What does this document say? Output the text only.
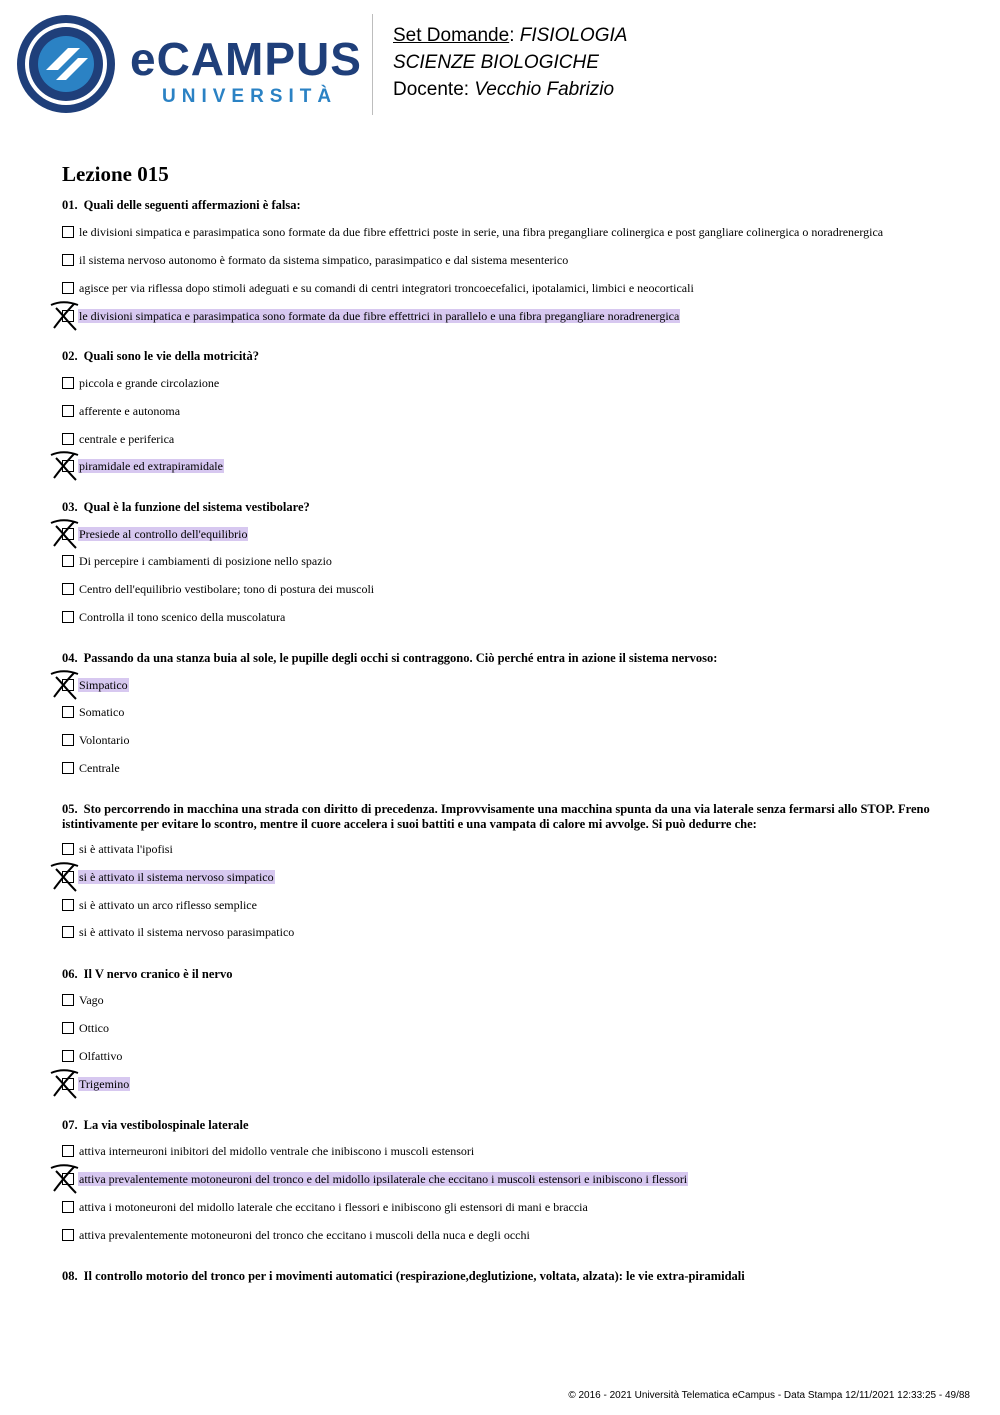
eCAMPUS
UNIVERSITÀ
Set Domande: FISIOLOGIA
SCIENZE BIOLOGICHE
Docente: Vecchio Fabrizio
Lezione 015
01. Quali delle seguenti affermazioni è falsa:
le divisioni simpatica e parasimpatica sono formate da due fibre effettrici poste in serie, una fibra pregangliare colinergica e post gangliare colinergica o noradrenergica
il sistema nervoso autonomo è formato da sistema simpatico, parasimpatico e dal sistema mesenterico
agisce per via riflessa dopo stimoli adeguati e su comandi di centri integratori troncoecefalici, ipotalamici, limbici e neocorticali
le divisioni simpatica e parasimpatica sono formate da due fibre effettrici in parallelo e una fibra pregangliare noradrenergica
02. Quali sono le vie della motricità?
piccola e grande circolazione
afferente e autonoma
centrale e periferica
piramidale ed extrapiramidale
03. Qual è la funzione del sistema vestibolare?
Presiede al controllo dell'equilibrio
Di percepire i cambiamenti di posizione nello spazio
Centro dell'equilibrio vestibolare; tono di postura dei muscoli
Controlla il tono scenico della muscolatura
04. Passando da una stanza buia al sole, le pupille degli occhi si contraggono. Ciò perché entra in azione il sistema nervoso:
Simpatico
Somatico
Volontario
Centrale
05. Sto percorrendo in macchina una strada con diritto di precedenza. Improvvisamente una macchina spunta da una via laterale senza fermarsi allo STOP. Freno istintivamente per evitare lo scontro, mentre il cuore accelera i suoi battiti e una vampata di calore mi avvolge. Si può dedurre che:
si è attivata l'ipofisi
si è attivato il sistema nervoso simpatico
si è attivato un arco riflesso semplice
si è attivato il sistema nervoso parasimpatico
06. Il V nervo cranico è il nervo
Vago
Ottico
Olfattivo
Trigemino
07. La via vestibolospinale laterale
attiva interneuroni inibitori del midollo ventrale che inibiscono i muscoli estensori
attiva prevalentemente motoneuroni del tronco e del midollo ipsilaterale che eccitano i muscoli estensori e inibiscono i flessori
attiva i motoneuroni del midollo laterale che eccitano i flessori e inibiscono gli estensori di mani e braccia
attiva prevalentemente motoneuroni del tronco che eccitano i muscoli della nuca e degli occhi
08. Il controllo motorio del tronco per i movimenti automatici (respirazione,deglutizione, voltata, alzata): le vie extra-piramidali
© 2016 - 2021 Università Telematica eCampus - Data Stampa 12/11/2021 12:33:25 - 49/88
